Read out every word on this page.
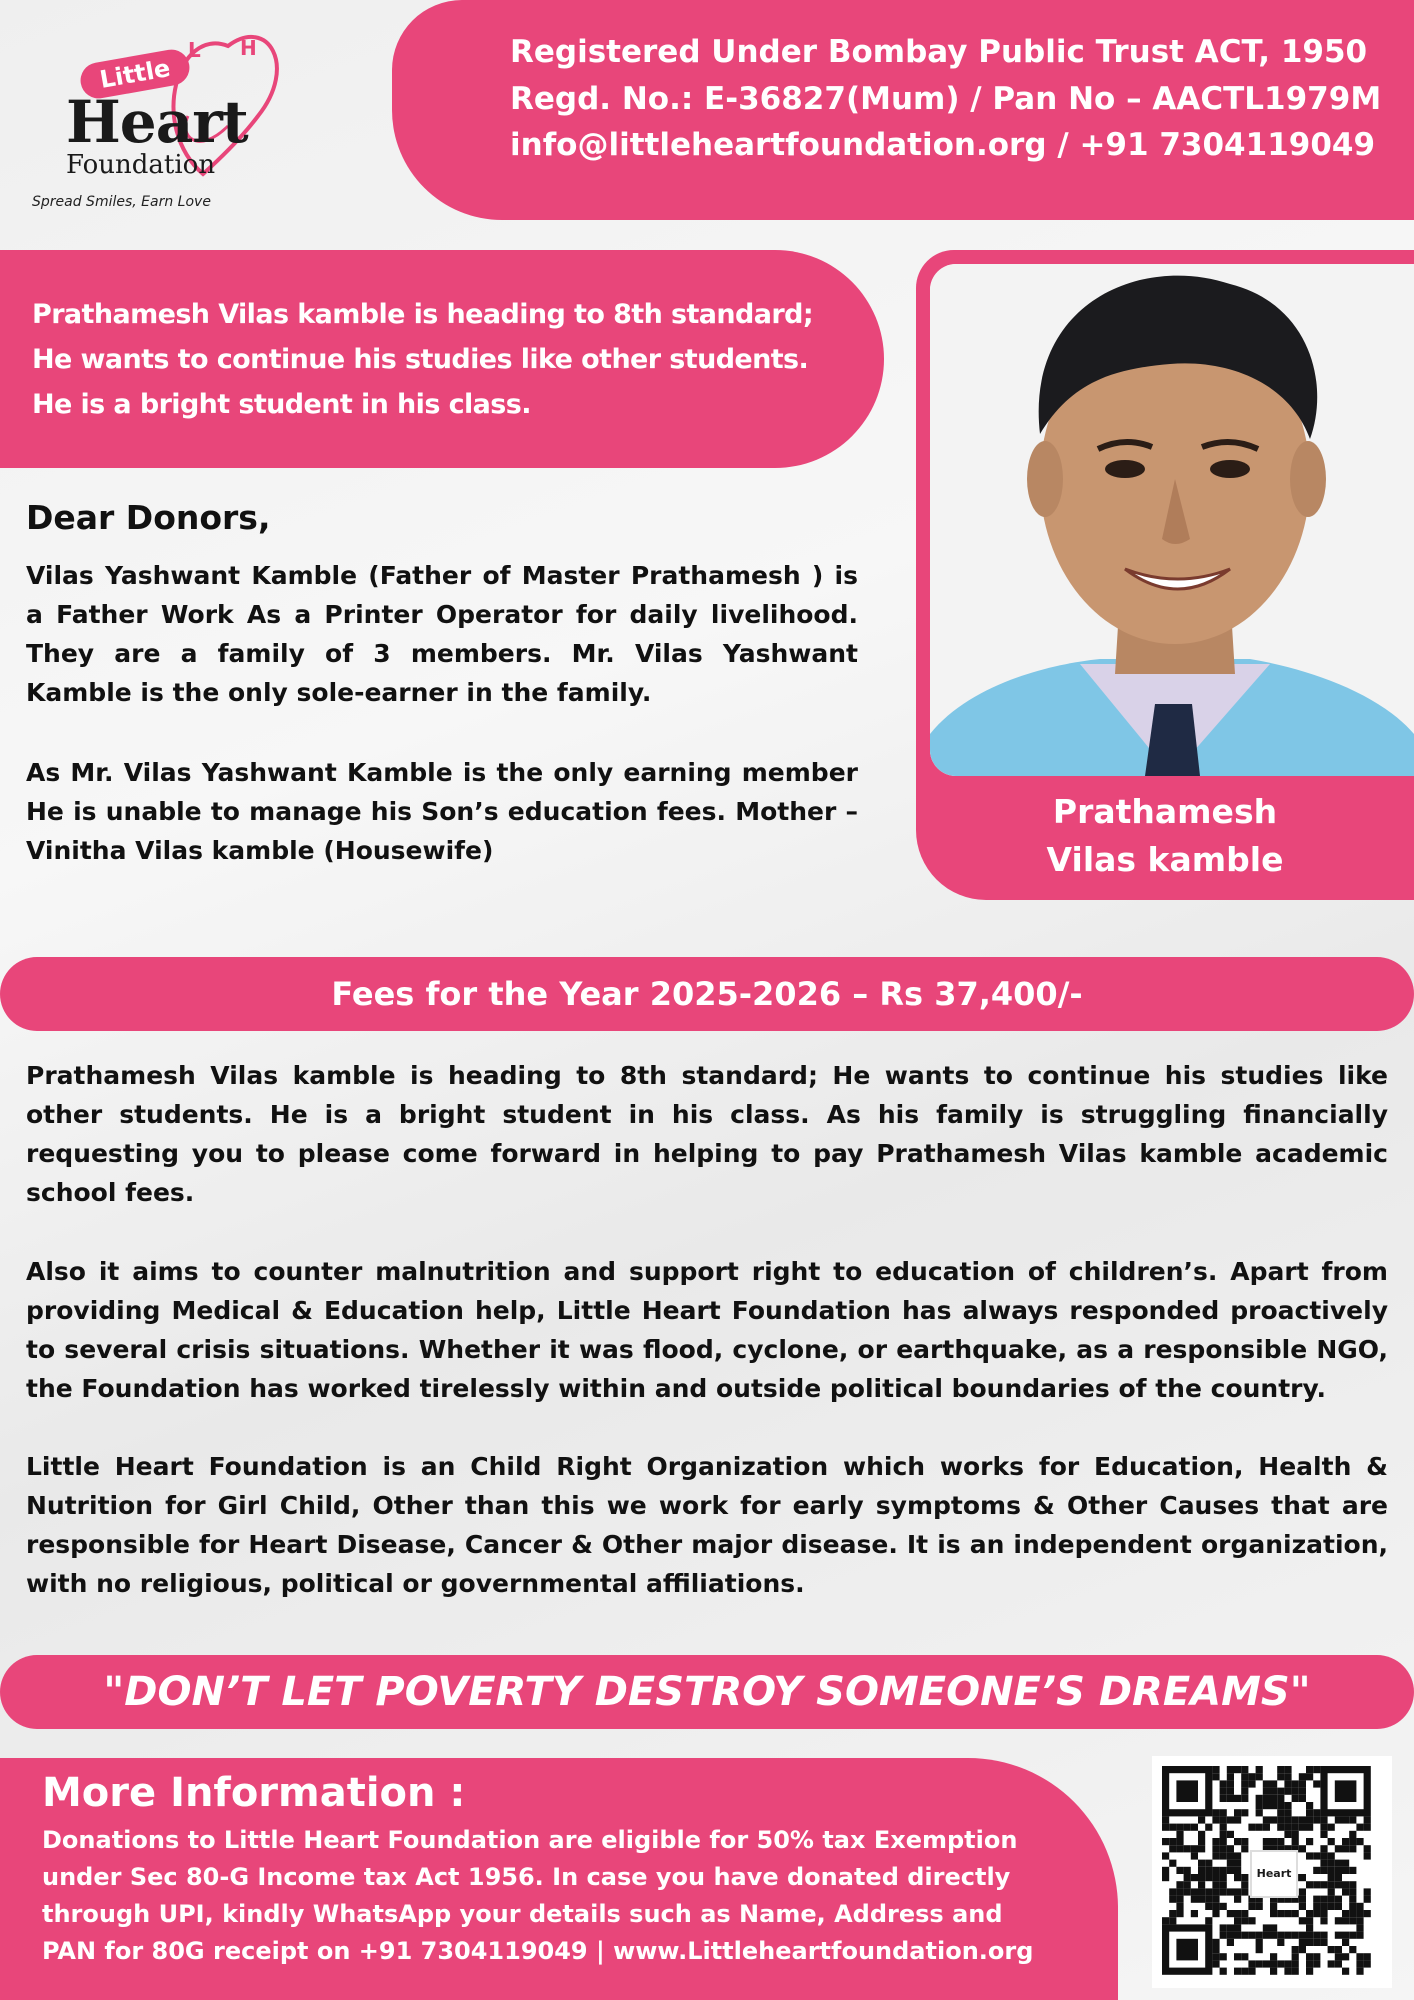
L H
Little
Heart
Foundation
Spread Smiles, Earn Love
Registered Under Bombay Public Trust ACT, 1950
Regd. No.: E-36827(Mum) / Pan No – AACTL1979M
info@littleheartfoundation.org / +91 7304119049
Prathamesh Vilas kamble is heading to 8th standard; He wants to continue his studies like other students. He is a bright student in his class.
Dear Donors,
Vilas Yashwant Kamble (Father of Master Prathamesh ) is a Father Work As a Printer Operator for daily livelihood. They are a family of 3 members. Mr. Vilas Yashwant Kamble is the only sole-earner in the family.
As Mr. Vilas Yashwant Kamble is the only earning member He is unable to manage his Son’s education fees. Mother – Vinitha Vilas kamble (Housewife)
Prathamesh
Vilas kamble
Fees for the Year 2025-2026 – Rs 37,400/-
Prathamesh Vilas kamble is heading to 8th standard; He wants to continue his studies like other students. He is a bright student in his class. As his family is struggling financially requesting you to please come forward in helping to pay Prathamesh Vilas kamble academic school fees.
Also it aims to counter malnutrition and support right to education of children’s. Apart from providing Medical & Education help, Little Heart Foundation has always responded proactively to several crisis situations. Whether it was flood, cyclone, or earthquake, as a responsible NGO, the Foundation has worked tirelessly within and outside political boundaries of the country.
Little Heart Foundation is an Child Right Organization which works for Education, Health & Nutrition for Girl Child, Other than this we work for early symptoms & Other Causes that are responsible for Heart Disease, Cancer & Other major disease. It is an independent organization, with no religious, political or governmental affiliations.
"DON’T LET POVERTY DESTROY SOMEONE’S DREAMS"
More Information :
Donations to Little Heart Foundation are eligible for 50% tax Exemption under Sec 80-G Income tax Act 1956. In case you have donated directly through UPI, kindly WhatsApp your details such as Name, Address and PAN for 80G receipt on +91 7304119049 | www.Littleheartfoundation.org
Heart
